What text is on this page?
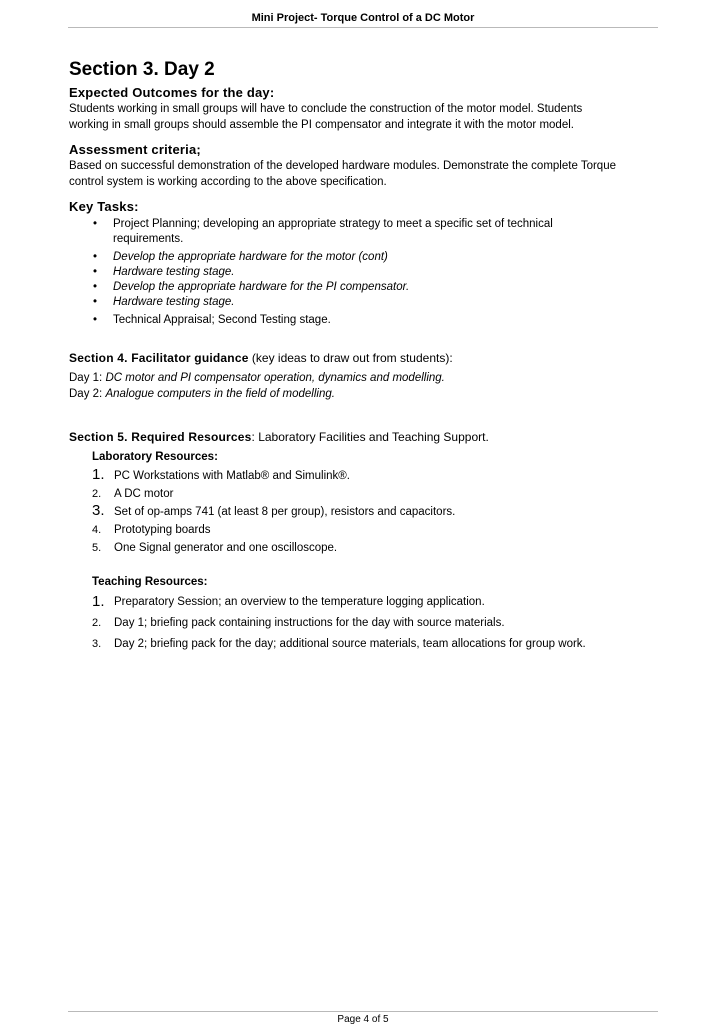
Mini Project- Torque Control of a DC Motor
Section 3. Day 2
Expected Outcomes for the day:

Students working in small groups will have to conclude the construction of the motor model. Students

working in small groups should assemble the PI compensator and integrate it with the motor model.

Assessment criteria;

Based on successful demonstration of the developed hardware modules. Demonstrate the complete Torque

control system is working according to the above specification.

Key Tasks:
• Project Planning; developing an appropriate strategy to meet a specific set of technical
requirements.
• Develop the appropriate hardware for the motor (cont)
• Hardware testing stage.
• Develop the appropriate hardware for the PI compensator.
• Hardware testing stage.
• Technical Appraisal; Second Testing stage.

Section 4. Facilitator guidance (key ideas to draw out from students):

Day 1: DC motor and PI compensator operation, dynamics and modelling.

Day 2: Analogue computers in the field of modelling.

Section 5. Required Resources: Laboratory Facilities and Teaching Support.

Laboratory Resources:
1. PC Workstations with Matlab® and Simulink®.
2. A DC motor
3. Set of op-amps 741 (at least 8 per group), resistors and capacitors.
4. Prototyping boards
5. One Signal generator and one oscilloscope.
Teaching Resources:
1. Preparatory Session; an overview to the temperature logging application.
2. Day 1; briefing pack containing instructions for the day with source materials.
3. Day 2; briefing pack for the day; additional source materials, team allocations for group work.
Page 4 of 5
